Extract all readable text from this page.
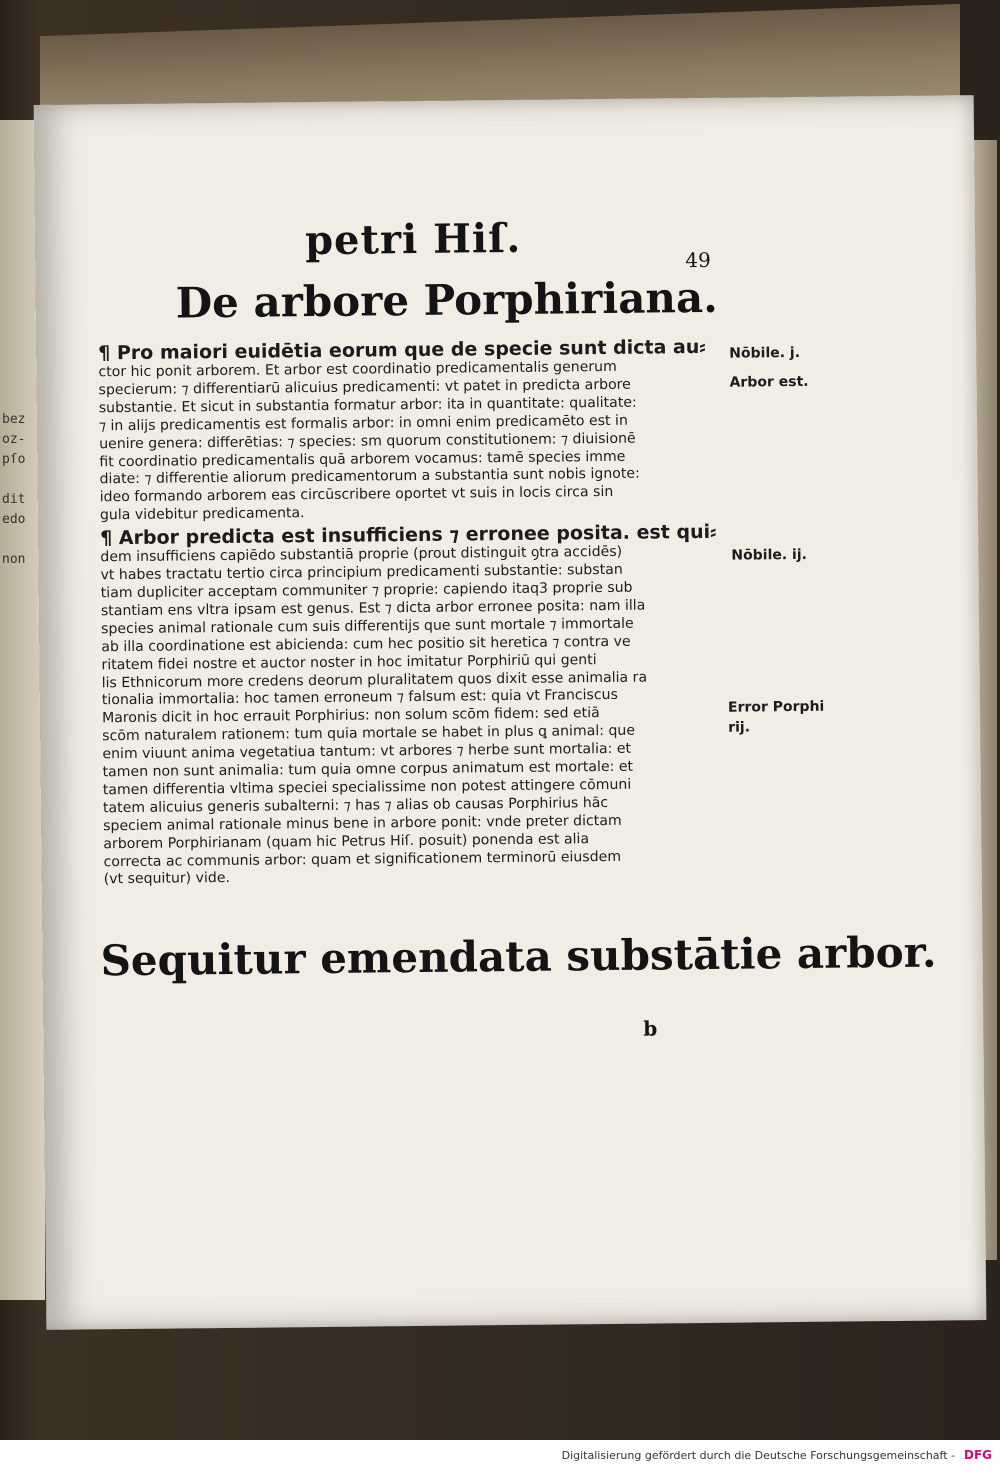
bez
oz-
pſo

dit
edo

non
petri Hiſ.	49
De arbore Porphiriana.

¶ Pro maiori euidētia eorum que de specie sunt dicta au⸗
ctor hic ponit arborem. Et arbor est coordinatio predicamentalis generum
specierum: ⁊ differentiarū alicuius predicamenti: vt patet in predicta arbore
substantie. Et sicut in substantia formatur arbor: ita in quantitate: qualitate:
⁊ in alijs predicamentis est formalis arbor: in omni enim predicamēto est in
uenire genera: differētias: ⁊ species: sm quorum constitutionem: ⁊ diuisionē
fit coordinatio predicamentalis quā arborem vocamus: tamē species imme
diate: ⁊ differentie aliorum predicamentorum a substantia sunt nobis ignote:
ideo formando arborem eas circūscribere oportet vt suis in locis circa sin
gula videbitur predicamenta.

¶ Arbor predicta est insufficiens ⁊ erronee posita. est qui⸗
dem insufficiens capiēdo substantiā proprie (prout distinguit̄ ꝯtra accidēs)
vt habes tractatu tertio circa principium predicamenti substantie: substan
tiam dupliciter acceptam communiter ⁊ proprie: capiendo itaq3 proprie sub
stantiam ens vltra ipsam est genus. Est ⁊ dicta arbor erronee posita: nam illa
species animal rationale cum suis differentijs que sunt mortale ⁊ immortale
ab illa coordinatione est abicienda: cum hec positio sit heretica ⁊ contra ve
ritatem fidei nostre et auctor noster in hoc imitatur Porphiriū qui genti
lis Ethnicorum more credens deorum pluralitatem quos dixit esse animalia ra
tionalia immortalia: hoc tamen erroneum ⁊ falsum est: quia vt Franciscus
Maronis dicit in hoc errauit Porphirius: non solum scōm fidem: sed etiā
scōm naturalem rationem: tum quia mortale se habet in plus ꝗ animal: que
enim viuunt anima vegetatiua tantum: vt arbores ⁊ herbe sunt mortalia: et
tamen non sunt animalia: tum quia omne corpus animatum est mortale: et
tamen differentia vltima speciei specialissime non potest attingere cōmuni
tatem alicuius generis subalterni: ⁊ has ⁊ alias ob causas Porphirius hāc
speciem animal rationale minus bene in arbore ponit: vnde preter dictam
arborem Porphirianam (quam hic Petrus Hiſ. posuit) ponenda est alia
correcta ac communis arbor: quam et significationem terminorū eiusdem
(vt sequitur) vide.

Nōbile. j.
Arbor est.
Nōbile. ij.
Error Porphi
rij.
Sequitur emendata substātie arbor.
b
Digitalisierung gefördert durch die Deutsche Forschungsgemeinschaft - DFG
